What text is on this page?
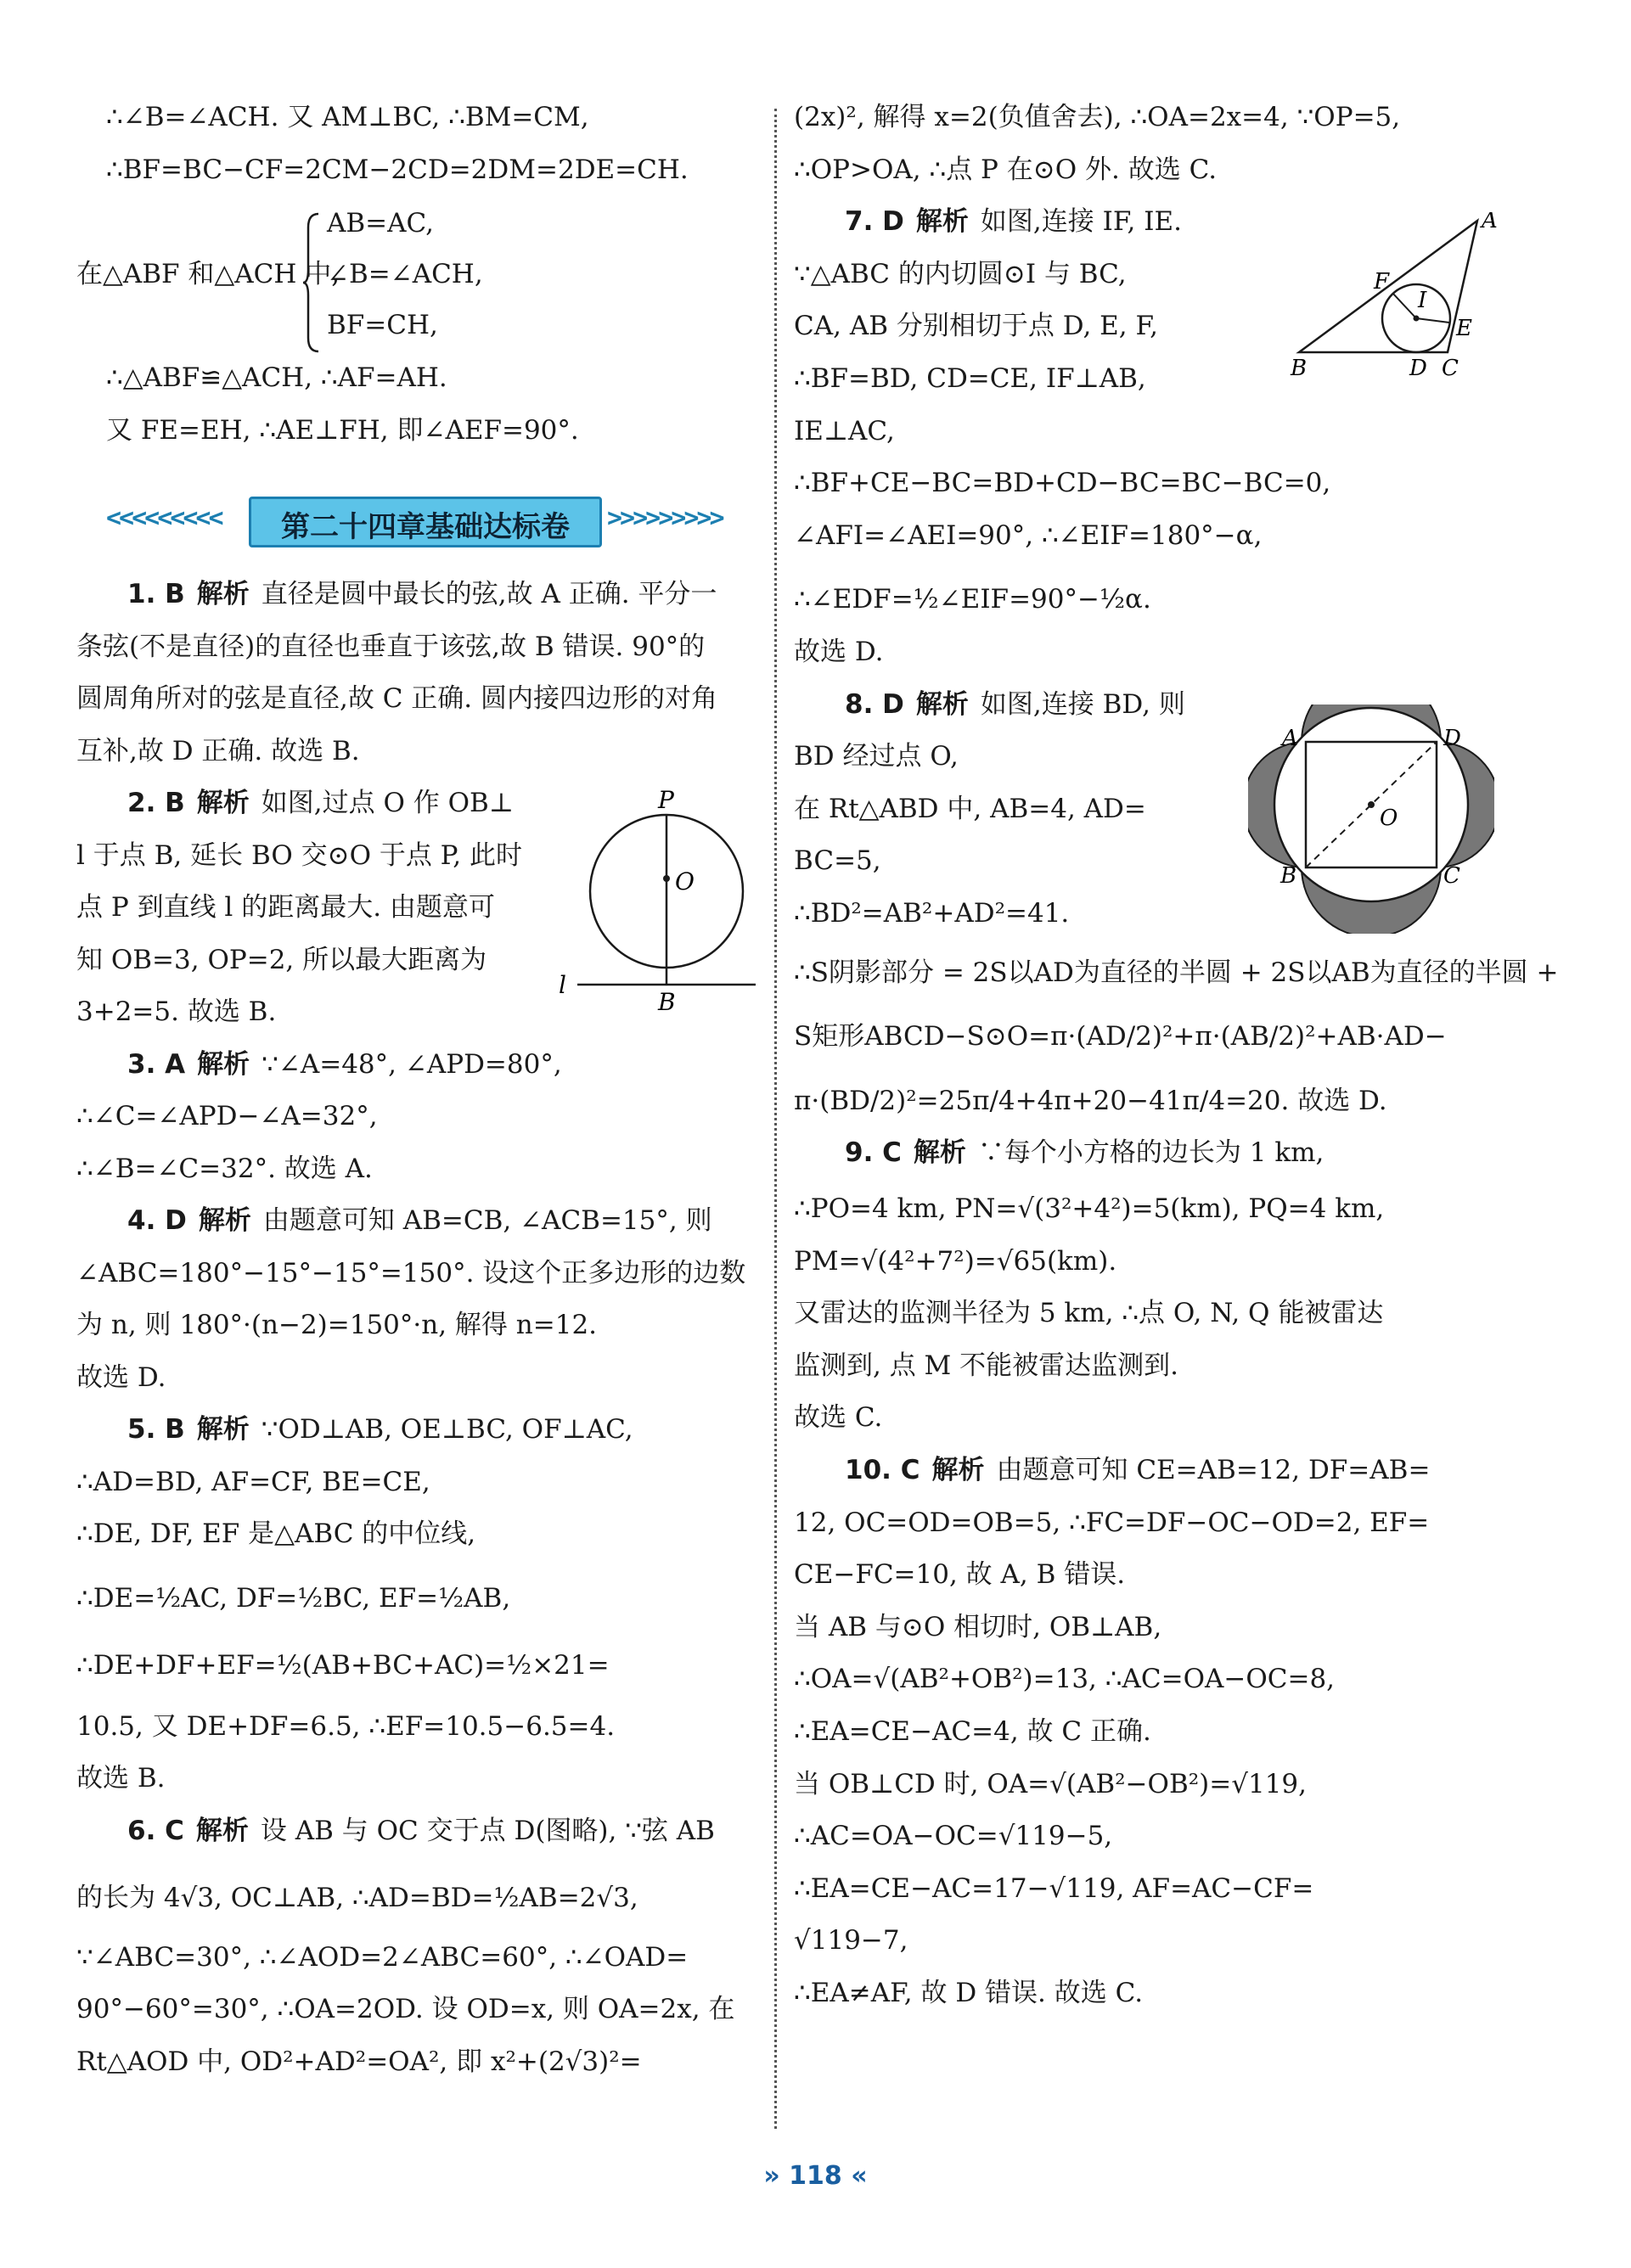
∴∠B=∠ACH. 又 AM⊥BC, ∴BM=CM,
∴BF=BC−CF=2CM−2CD=2DM=2DE=CH.
在△ABF 和△ACH 中,
AB=AC,
∠B=∠ACH,
BF=CH,
∴△ABF≌△ACH, ∴AF=AH.
又 FE=EH, ∴AE⊥FH, 即∠AEF=90°.
<<<<<<<<<	第二十四章基础达标卷	>>>>>>>>>
1. B 解析 直径是圆中最长的弦,故 A 正确. 平分一
条弦(不是直径)的直径也垂直于该弦,故 B 错误. 90°的
圆周角所对的弦是直径,故 C 正确. 圆内接四边形的对角
互补,故 D 正确. 故选 B.
2. B 解析 如图,过点 O 作 OB⊥
l 于点 B, 延长 BO 交⊙O 于点 P, 此时
点 P 到直线 l 的距离最大. 由题意可
知 OB=3, OP=2, 所以最大距离为
3+2=5. 故选 B.
3. A 解析 ∵∠A=48°, ∠APD=80°,
∴∠C=∠APD−∠A=32°,
∴∠B=∠C=32°. 故选 A.
4. D 解析 由题意可知 AB=CB, ∠ACB=15°, 则
∠ABC=180°−15°−15°=150°. 设这个正多边形的边数
为 n, 则 180°·(n−2)=150°·n, 解得 n=12.
故选 D.
5. B 解析 ∵OD⊥AB, OE⊥BC, OF⊥AC,
∴AD=BD, AF=CF, BE=CE,
∴DE, DF, EF 是△ABC 的中位线,
∴DE=½AC, DF=½BC, EF=½AB,
∴DE+DF+EF=½(AB+BC+AC)=½×21=
10.5, 又 DE+DF=6.5, ∴EF=10.5−6.5=4.
故选 B.
6. C 解析 设 AB 与 OC 交于点 D(图略), ∵弦 AB
的长为 4√3, OC⊥AB, ∴AD=BD=½AB=2√3,
∵∠ABC=30°, ∴∠AOD=2∠ABC=60°, ∴∠OAD=
90°−60°=30°, ∴OA=2OD. 设 OD=x, 则 OA=2x, 在
Rt△AOD 中, OD²+AD²=OA², 即 x²+(2√3)²=
P
O
l
B
(2x)², 解得 x=2(负值舍去), ∴OA=2x=4, ∵OP=5,
∴OP>OA, ∴点 P 在⊙O 外. 故选 C.
7. D 解析 如图,连接 IF, IE.
∵△ABC 的内切圆⊙I 与 BC,
CA, AB 分别相切于点 D, E, F,
∴BF=BD, CD=CE, IF⊥AB,
IE⊥AC,
∴BF+CE−BC=BD+CD−BC=BC−BC=0,
∠AFI=∠AEI=90°, ∴∠EIF=180°−α,
∴∠EDF=½∠EIF=90°−½α.
故选 D.
8. D 解析 如图,连接 BD, 则
BD 经过点 O,
在 Rt△ABD 中, AB=4, AD=
BC=5,
∴BD²=AB²+AD²=41.
∴S阴影部分 = 2S以AD为直径的半圆 + 2S以AB为直径的半圆 +
S矩形ABCD−S⊙O=π·(AD/2)²+π·(AB/2)²+AB·AD−
π·(BD/2)²=25π/4+4π+20−41π/4=20. 故选 D.
9. C 解析 ∵每个小方格的边长为 1 km,
∴PO=4 km, PN=√(3²+4²)=5(km), PQ=4 km,
PM=√(4²+7²)=√65(km).
又雷达的监测半径为 5 km, ∴点 O, N, Q 能被雷达
监测到, 点 M 不能被雷达监测到.
故选 C.
10. C 解析 由题意可知 CE=AB=12, DF=AB=
12, OC=OD=OB=5, ∴FC=DF−OC−OD=2, EF=
CE−FC=10, 故 A, B 错误.
当 AB 与⊙O 相切时, OB⊥AB,
∴OA=√(AB²+OB²)=13, ∴AC=OA−OC=8,
∴EA=CE−AC=4, 故 C 正确.
当 OB⊥CD 时, OA=√(AB²−OB²)=√119,
∴AC=OA−OC=√119−5,
∴EA=CE−AC=17−√119, AF=AC−CF=
√119−7,
∴EA≠AF, 故 D 错误. 故选 C.
A
F
I
E
B	D C
A	D
O
B	C
» 118 «
